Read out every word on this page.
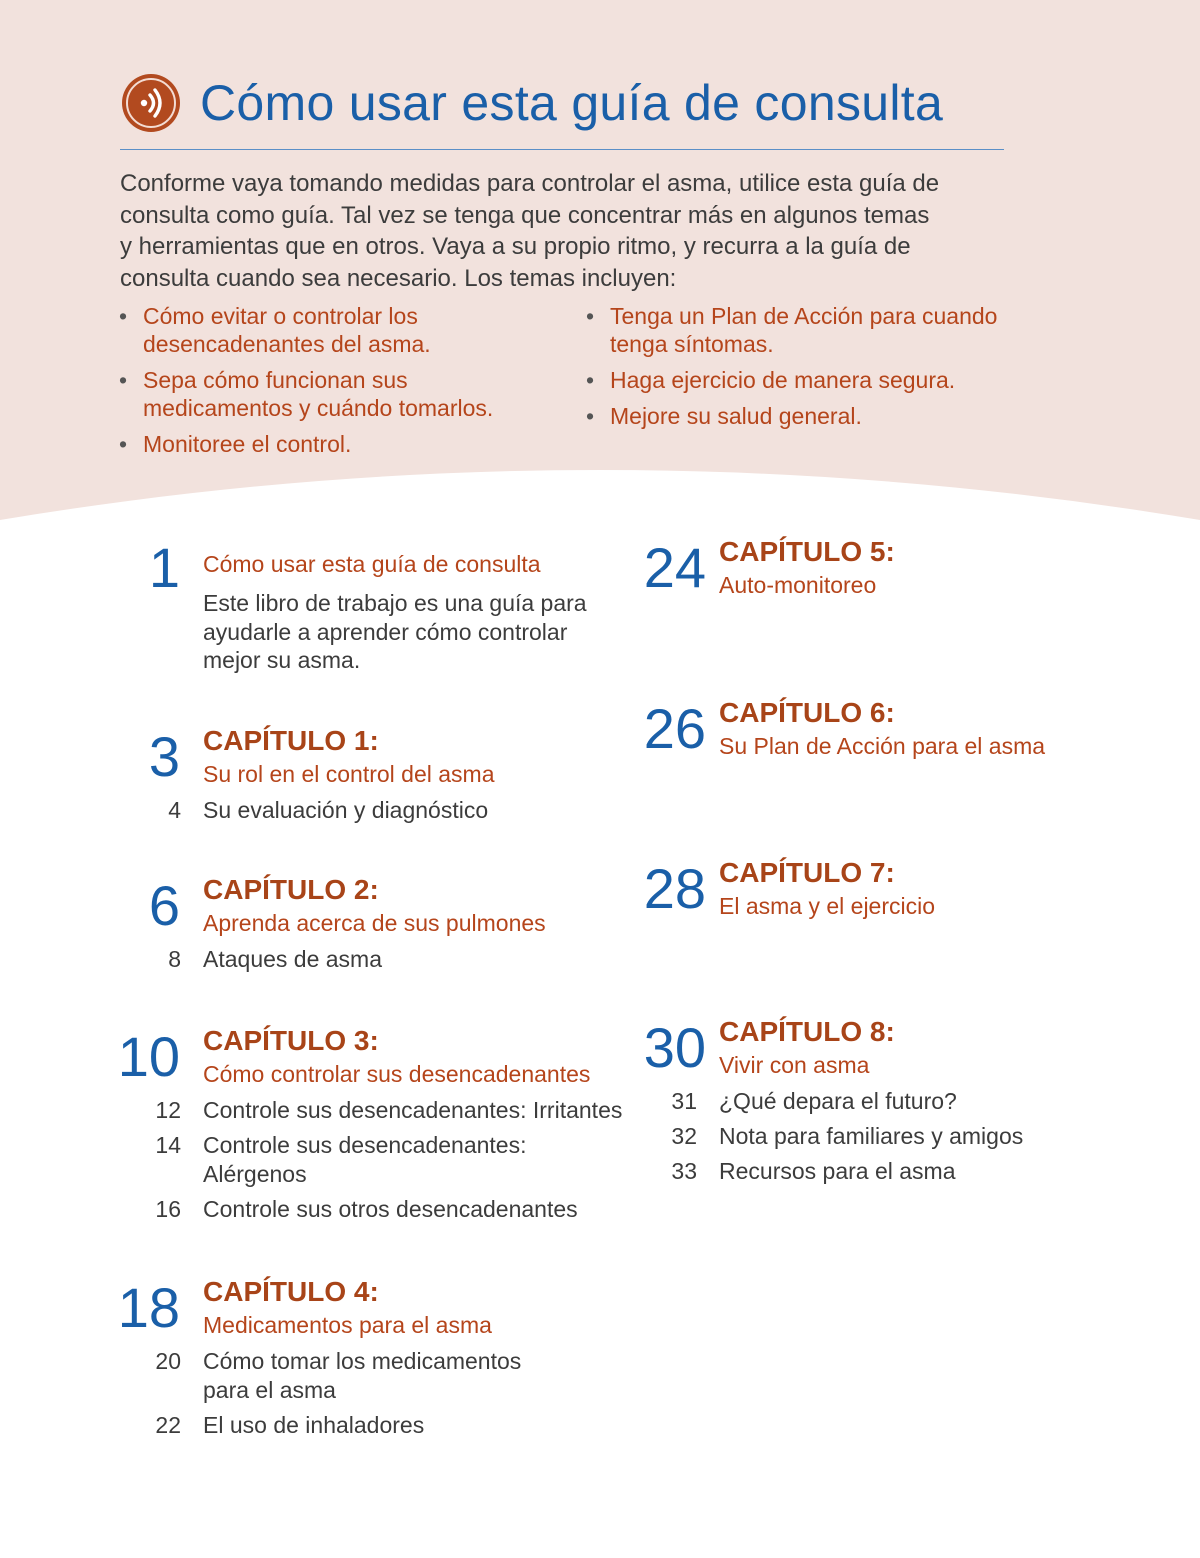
Cómo usar esta guía de consulta
Conforme vaya tomando medidas para controlar el asma, utilice esta guía de
consulta como guía. Tal vez se tenga que concentrar más en algunos temas
y herramientas que en otros. Vaya a su propio ritmo, y recurra a la guía de
consulta cuando sea necesario. Los temas incluyen:
• Cómo evitar o controlar los
desencadenantes del asma.
• Sepa cómo funcionan sus
medicamentos y cuándo tomarlos.
• Monitoree el control.
• Tenga un Plan de Acción para cuando
tenga síntomas.
• Haga ejercicio de manera segura.
• Mejore su salud general.
1 Cómo usar esta guía de consulta
Este libro de trabajo es una guía para
ayudarle a aprender cómo controlar
mejor su asma.
3 CAPÍTULO 1:
Su rol en el control del asma
4 Su evaluación y diagnóstico
6 CAPÍTULO 2:
Aprenda acerca de sus pulmones
8 Ataques de asma
10 CAPÍTULO 3:
Cómo controlar sus desencadenantes
12 Controle sus desencadenantes: Irritantes
14 Controle sus desencadenantes:
Alérgenos
16 Controle sus otros desencadenantes
18 CAPÍTULO 4:
Medicamentos para el asma
20 Cómo tomar los medicamentos
para el asma
22 El uso de inhaladores
24 CAPÍTULO 5:
Auto-monitoreo
26 CAPÍTULO 6:
Su Plan de Acción para el asma
28 CAPÍTULO 7:
El asma y el ejercicio
30 CAPÍTULO 8:
Vivir con asma
31 ¿Qué depara el futuro?
32 Nota para familiares y amigos
33 Recursos para el asma
